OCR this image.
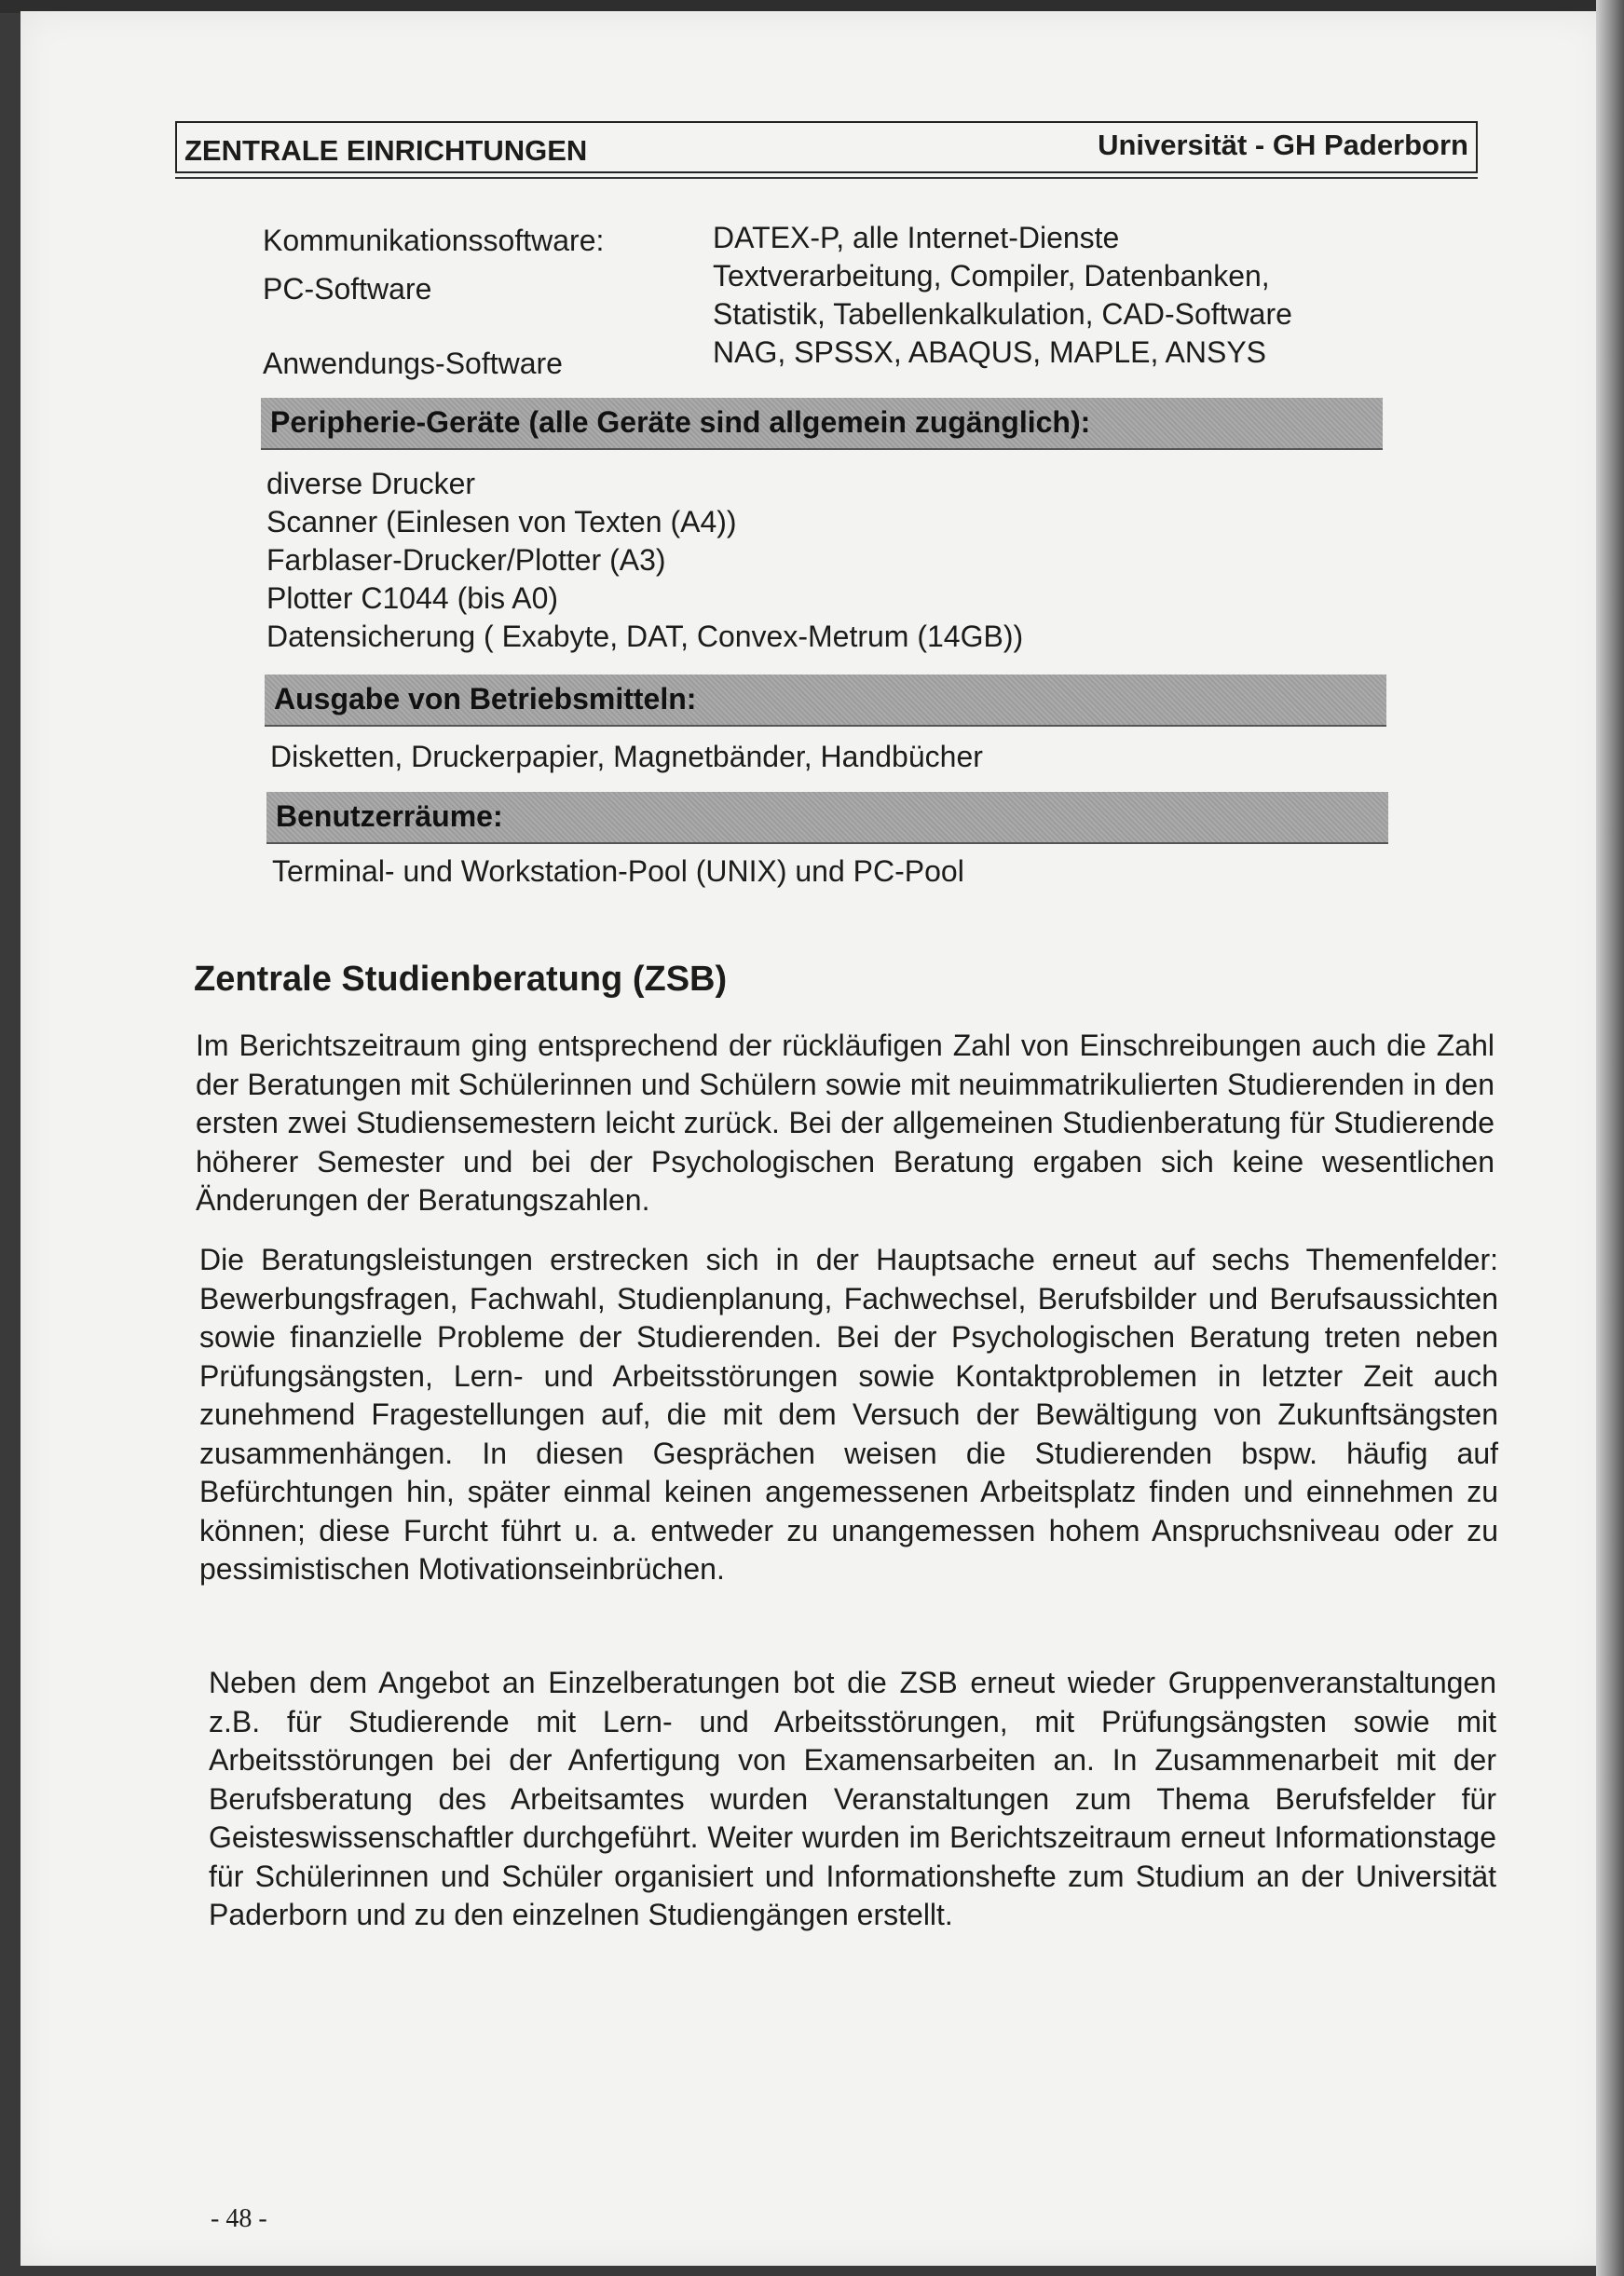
ZENTRALE EINRICHTUNGEN	Universität - GH Paderborn
Kommunikationssoftware:	DATEX-P, alle Internet-Dienste
PC-Software	Textverarbeitung, Compiler, Datenbanken,
Statistik, Tabellenkalkulation, CAD-Software
Anwendungs-Software	NAG, SPSSX, ABAQUS, MAPLE, ANSYS
Peripherie-Geräte (alle Geräte sind allgemein zugänglich):
diverse Drucker
Scanner (Einlesen von Texten (A4))
Farblaser-Drucker/Plotter (A3)
Plotter C1044 (bis A0)
Datensicherung ( Exabyte, DAT, Convex-Metrum (14GB))
Ausgabe von Betriebsmitteln:
Disketten, Druckerpapier, Magnetbänder, Handbücher
Benutzerräume:
Terminal- und Workstation-Pool (UNIX) und PC-Pool
Zentrale Studienberatung (ZSB)

Im Berichtszeitraum ging entsprechend der rückläufigen Zahl von Einschreibungen auch die Zahl der Beratungen mit Schülerinnen und Schülern sowie mit neuimmatrikulierten Studierenden in den ersten zwei Studiensemestern leicht zurück. Bei der allgemeinen Studienberatung für Studierende höherer Semester und bei der Psychologischen Beratung ergaben sich keine wesentlichen Änderungen der Beratungszahlen.

Die Beratungsleistungen erstrecken sich in der Hauptsache erneut auf sechs Themenfelder: Bewerbungsfragen, Fachwahl, Studienplanung, Fachwechsel, Berufsbilder und Berufsaussichten sowie finanzielle Probleme der Studierenden. Bei der Psychologischen Beratung treten neben Prüfungsängsten, Lern- und Arbeitsstörungen sowie Kontaktproblemen in letzter Zeit auch zunehmend Fragestellungen auf, die mit dem Versuch der Bewältigung von Zukunftsängsten zusammenhängen. In diesen Gesprächen weisen die Studierenden bspw. häufig auf Befürchtungen hin, später einmal keinen angemessenen Arbeitsplatz finden und einnehmen zu können; diese Furcht führt u. a. entweder zu unangemessen hohem Anspruchsniveau oder zu pessimistischen Motivationseinbrüchen.

Neben dem Angebot an Einzelberatungen bot die ZSB erneut wieder Gruppenveranstaltungen z.B. für Studierende mit Lern- und Arbeitsstörungen, mit Prüfungsängsten sowie mit Arbeitsstörungen bei der Anfertigung von Examensarbeiten an. In Zusammenarbeit mit der Berufsberatung des Arbeitsamtes wurden Veranstaltungen zum Thema Berufsfelder für Geisteswissenschaftler durchgeführt. Weiter wurden im Berichtszeitraum erneut Informationstage für Schülerinnen und Schüler organisiert und Informationshefte zum Studium an der Universität Paderborn und zu den einzelnen Studiengängen erstellt.

- 48 -
